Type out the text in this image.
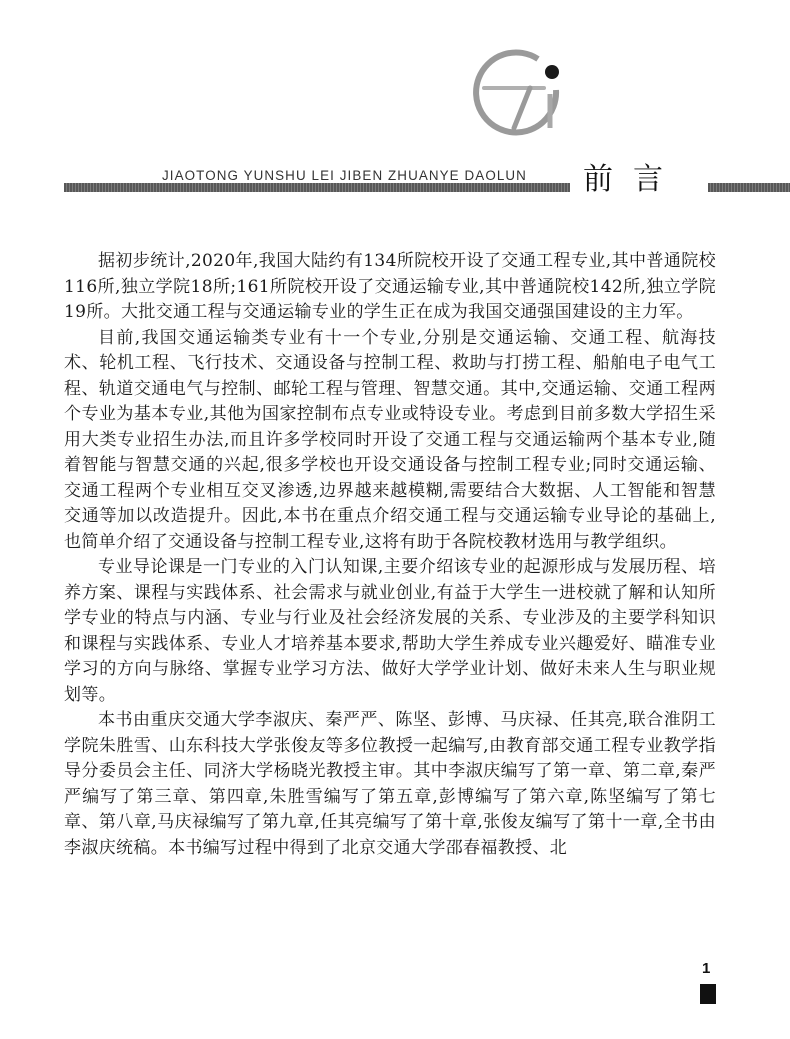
JIAOTONG YUNSHU LEI JIBEN ZHUANYE DAOLUN	前言

据初步统计,2020年,我国大陆约有134所院校开设了交通工程专业,其中普通院校116所,独立学院18所;161所院校开设了交通运输专业,其中普通院校142所,独立学院19所。大批交通工程与交通运输专业的学生正在成为我国交通强国建设的主力军。

目前,我国交通运输类专业有十一个专业,分别是交通运输、交通工程、航海技术、轮机工程、飞行技术、交通设备与控制工程、救助与打捞工程、船舶电子电气工程、轨道交通电气与控制、邮轮工程与管理、智慧交通。其中,交通运输、交通工程两个专业为基本专业,其他为国家控制布点专业或特设专业。考虑到目前多数大学招生采用大类专业招生办法,而且许多学校同时开设了交通工程与交通运输两个基本专业,随着智能与智慧交通的兴起,很多学校也开设交通设备与控制工程专业;同时交通运输、交通工程两个专业相互交叉渗透,边界越来越模糊,需要结合大数据、人工智能和智慧交通等加以改造提升。因此,本书在重点介绍交通工程与交通运输专业导论的基础上,也简单介绍了交通设备与控制工程专业,这将有助于各院校教材选用与教学组织。

专业导论课是一门专业的入门认知课,主要介绍该专业的起源形成与发展历程、培养方案、课程与实践体系、社会需求与就业创业,有益于大学生一进校就了解和认知所学专业的特点与内涵、专业与行业及社会经济发展的关系、专业涉及的主要学科知识和课程与实践体系、专业人才培养基本要求,帮助大学生养成专业兴趣爱好、瞄准专业学习的方向与脉络、掌握专业学习方法、做好大学学业计划、做好未来人生与职业规划等。

本书由重庆交通大学李淑庆、秦严严、陈坚、彭博、马庆禄、任其亮,联合淮阴工学院朱胜雪、山东科技大学张俊友等多位教授一起编写,由教育部交通工程专业教学指导分委员会主任、同济大学杨晓光教授主审。其中李淑庆编写了第一章、第二章,秦严严编写了第三章、第四章,朱胜雪编写了第五章,彭博编写了第六章,陈坚编写了第七章、第八章,马庆禄编写了第九章,任其亮编写了第十章,张俊友编写了第十一章,全书由李淑庆统稿。本书编写过程中得到了北京交通大学邵春福教授、北

1
